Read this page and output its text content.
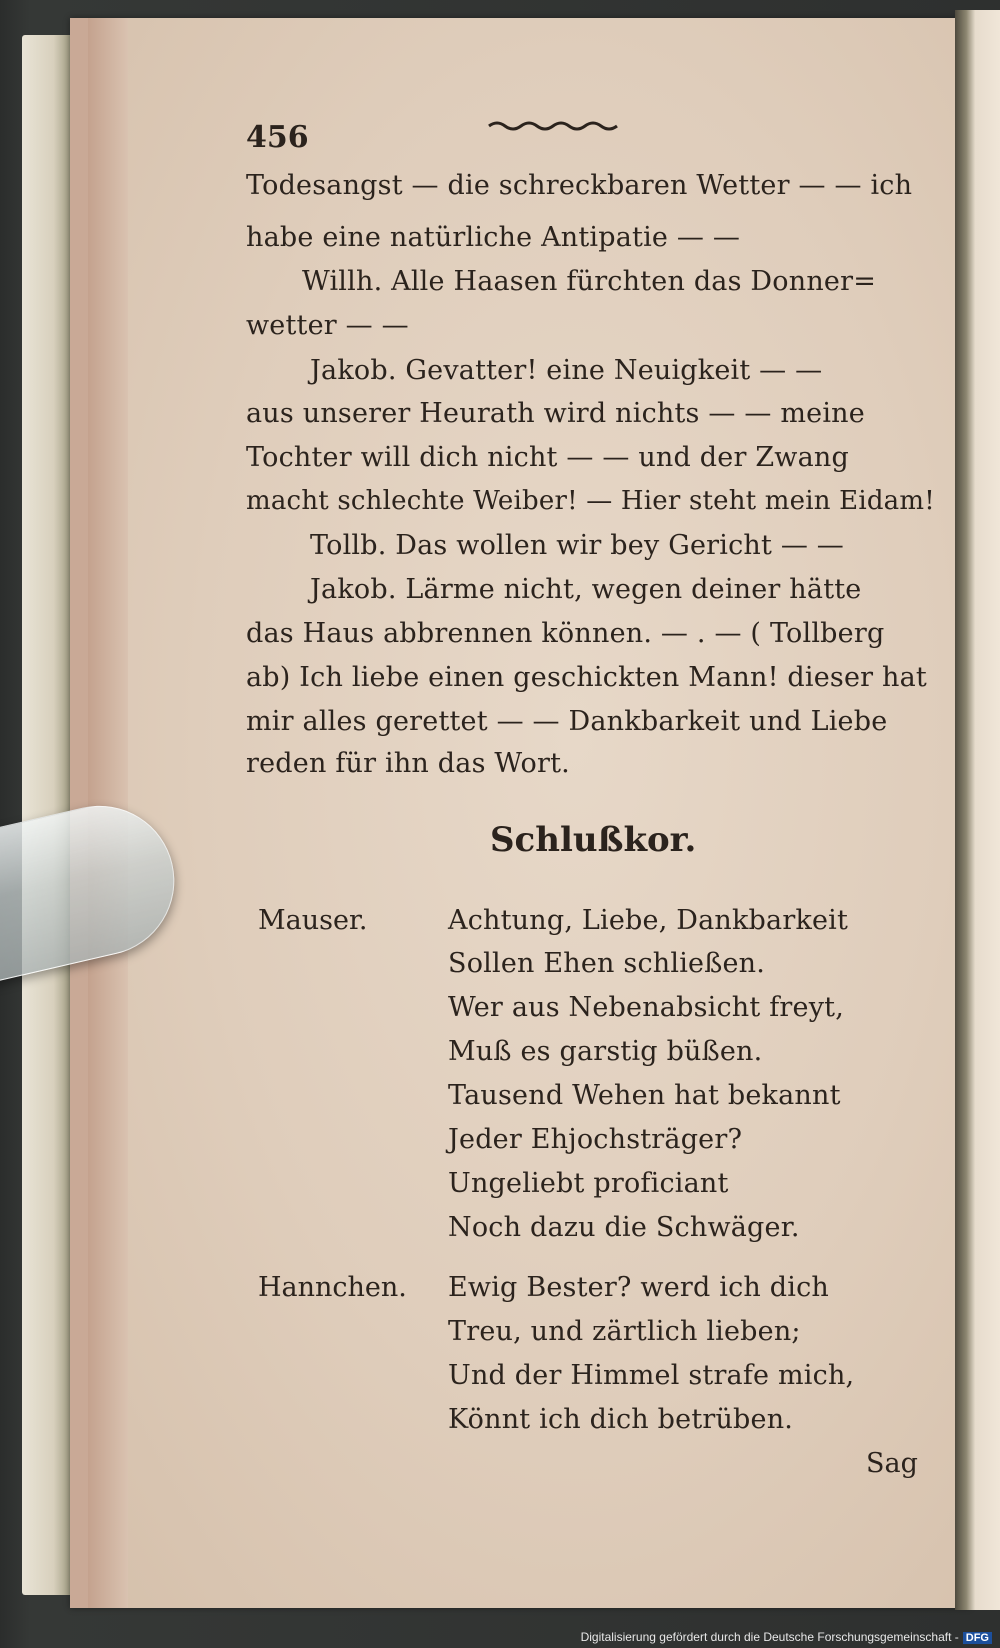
456
Todesangst — die schreckbaren Wetter — — ich
habe eine natürliche Antipatie — —
Willh. Alle Haasen fürchten das Donner=
wetter — —
Jakob. Gevatter! eine Neuigkeit — —
aus unserer Heurath wird nichts — — meine
Tochter will dich nicht — — und der Zwang
macht schlechte Weiber! — Hier steht mein Eidam!
Tollb. Das wollen wir bey Gericht — —
Jakob. Lärme nicht, wegen deiner hätte
das Haus abbrennen können. — . — ( Tollberg
ab) Ich liebe einen geschickten Mann! dieser hat
mir alles gerettet — — Dankbarkeit und Liebe
reden für ihn das Wort.
Schlußkor.
Mauser.	Achtung, Liebe, Dankbarkeit
Sollen Ehen schließen.
Wer aus Nebenabsicht freyt,
Muß es garstig büßen.
Tausend Wehen hat bekannt
Jeder Ehjochsträger?
Ungeliebt proficiant
Noch dazu die Schwäger.
Hannchen. Ewig Bester? werd ich dich
Treu, und zärtlich lieben;
Und der Himmel strafe mich,
Könnt ich dich betrüben.
Sag
Digitalisierung gefördert durch die Deutsche Forschungsgemeinschaft - DFG
